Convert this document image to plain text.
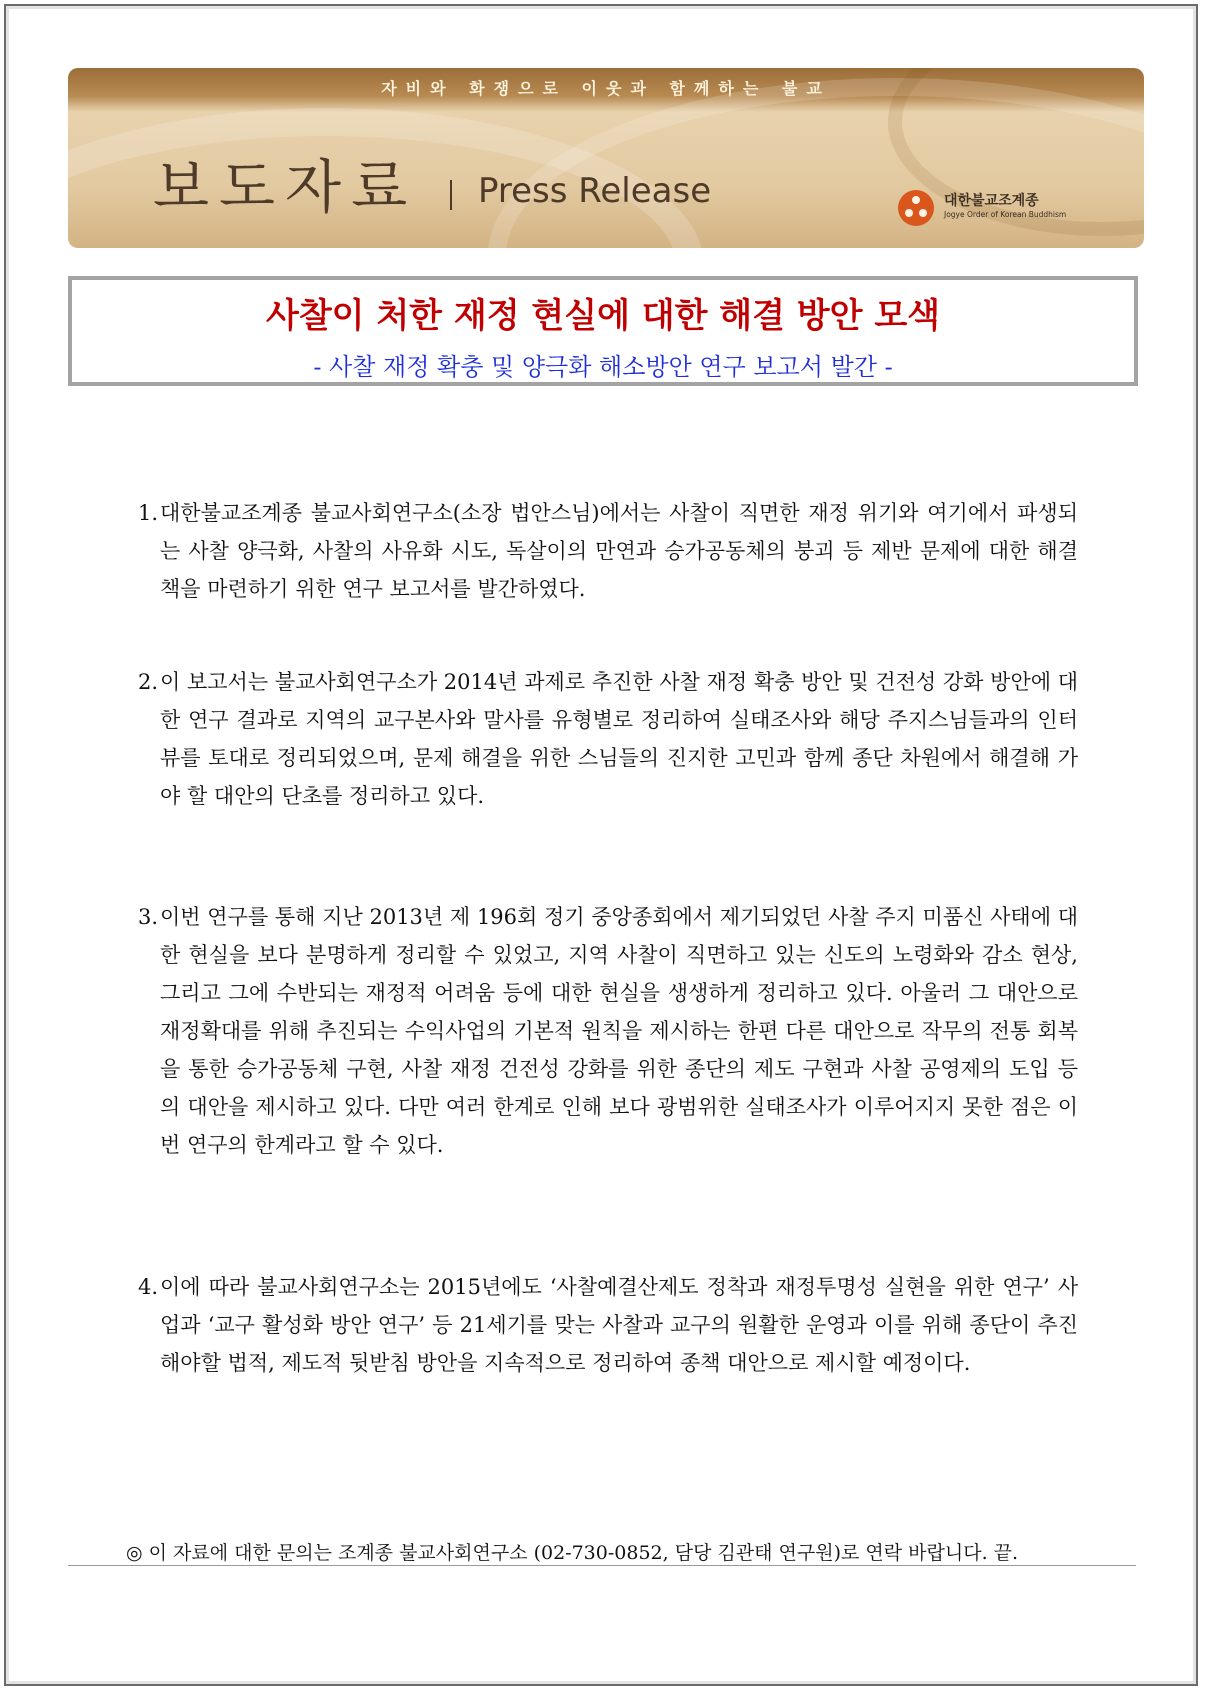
자비와 화쟁으로 이웃과 함께하는 불교
보도자료 Press Release	대한불교조계종
Jogye Order of Korean Buddhism
사찰이 처한 재정 현실에 대한 해결 방안 모색
- 사찰 재정 확충 및 양극화 해소방안 연구 보고서 발간 -
1. 대한불교조계종 불교사회연구소(소장 법안스님)에서는 사찰이 직면한 재정 위기와 여기에서 파생되는 사찰 양극화, 사찰의 사유화 시도, 독살이의 만연과 승가공동체의 붕괴 등 제반 문제에 대한 해결책을 마련하기 위한 연구 보고서를 발간하였다.
2. 이 보고서는 불교사회연구소가 2014년 과제로 추진한 사찰 재정 확충 방안 및 건전성 강화 방안에 대한 연구 결과로 지역의 교구본사와 말사를 유형별로 정리하여 실태조사와 해당 주지스님들과의 인터뷰를 토대로 정리되었으며, 문제 해결을 위한 스님들의 진지한 고민과 함께 종단 차원에서 해결해 가야 할 대안의 단초를 정리하고 있다.
3. 이번 연구를 통해 지난 2013년 제 196회 정기 중앙종회에서 제기되었던 사찰 주지 미품신 사태에 대한 현실을 보다 분명하게 정리할 수 있었고, 지역 사찰이 직면하고 있는 신도의 노령화와 감소 현상, 그리고 그에 수반되는 재정적 어려움 등에 대한 현실을 생생하게 정리하고 있다. 아울러 그 대안으로 재정확대를 위해 추진되는 수익사업의 기본적 원칙을 제시하는 한편 다른 대안으로 작무의 전통 회복을 통한 승가공동체 구현, 사찰 재정 건전성 강화를 위한 종단의 제도 구현과 사찰 공영제의 도입 등의 대안을 제시하고 있다. 다만 여러 한계로 인해 보다 광범위한 실태조사가 이루어지지 못한 점은 이번 연구의 한계라고 할 수 있다.
4. 이에 따라 불교사회연구소는 2015년에도 ‘사찰예결산제도 정착과 재정투명성 실현을 위한 연구’ 사업과 ‘교구 활성화 방안 연구’ 등 21세기를 맞는 사찰과 교구의 원활한 운영과 이를 위해 종단이 추진해야할 법적, 제도적 뒷받침 방안을 지속적으로 정리하여 종책 대안으로 제시할 예정이다.
◎ 이 자료에 대한 문의는 조계종 불교사회연구소 (02-730-0852, 담당 김관태 연구원)로 연락 바랍니다. 끝.
